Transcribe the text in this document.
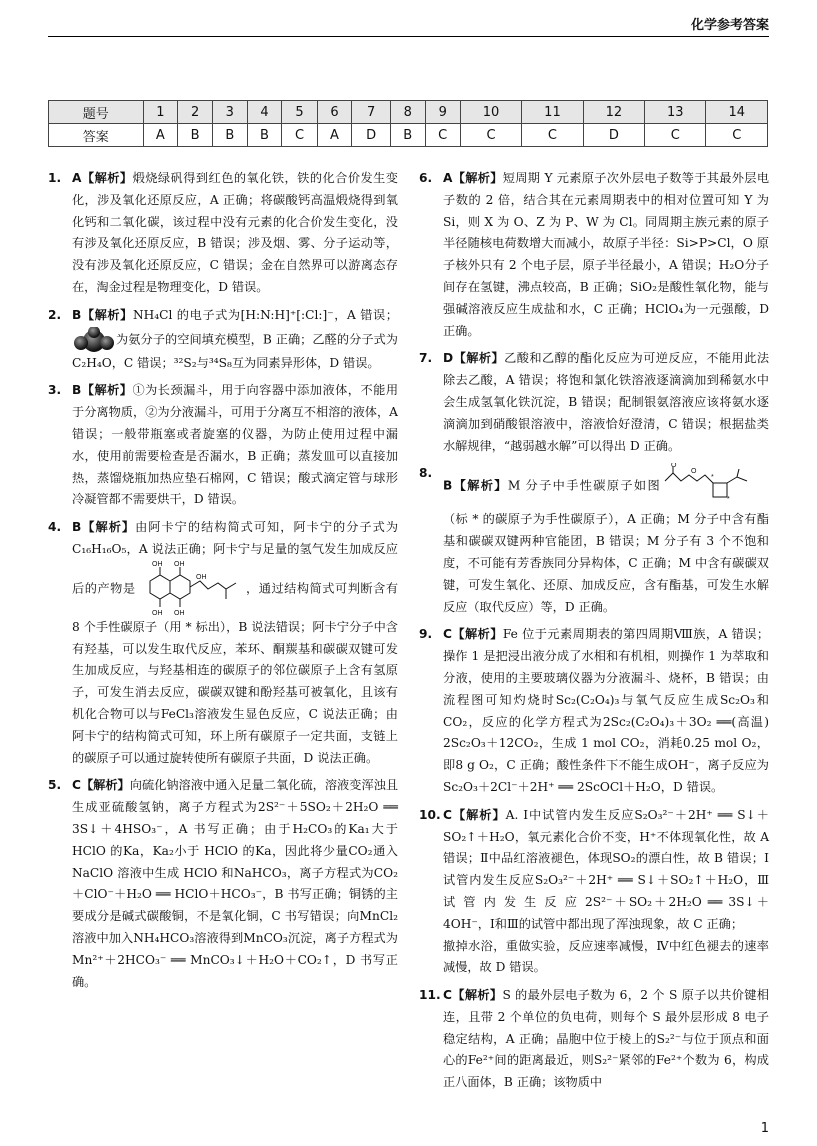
化学参考答案
题号	1	2	3	4	5	6	7	8	9	10	11	12	13	14
答案	A	B	B	B	C	A	D	B	C	C	C	D	C	C
1. A【解析】煅烧绿矾得到红色的氧化铁，铁的化合价发生变化，涉及氧化还原反应，A 正确；将碳酸钙高温煅烧得到氧化钙和二氧化碳，该过程中没有元素的化合价发生变化，没有涉及氧化还原反应，B 错误；涉及烟、雾、分子运动等，没有涉及氧化还原反应，C 错误；金在自然界可以游离态存在，淘金过程是物理变化，D 错误。
2. B【解析】NH₄Cl 的电子式为[H:N:H]⁺[:Cl:]⁻，A 错误；为氨分子的空间填充模型，B 正确；乙醛的分子式为C₂H₄O，C 错误；³²S₂与³⁴S₈互为同素异形体，D 错误。
3. B【解析】①为长颈漏斗，用于向容器中添加液体，不能用于分离物质，②为分液漏斗，可用于分离互不相溶的液体，A 错误；一般带瓶塞或者旋塞的仪器，为防止使用过程中漏水，使用前需要检查是否漏水，B 正确；蒸发皿可以直接加热，蒸馏烧瓶加热应垫石棉网，C 错误；酸式滴定管与球形冷凝管都不需要烘干，D 错误。
4. B【解析】由阿卡宁的结构简式可知，阿卡宁的分子式为C₁₆H₁₆O₅，A 说法正确；阿卡宁与足量的氢气发生加成反应后的产物是
OH OH
OH OH
OH
，通过结构简式可判断含有 8 个手性碳原子（用 * 标出），B 说法错误；阿卡宁分子中含有羟基，可以发生取代反应，苯环、酮羰基和碳碳双键可发生加成反应，与羟基相连的碳原子的邻位碳原子上含有氢原子，可发生消去反应，碳碳双键和酚羟基可被氧化，且该有机化合物可以与FeCl₃溶液发生显色反应，C 说法正确；由阿卡宁的结构简式可知，环上所有碳原子一定共面，支链上的碳原子可以通过旋转使所有碳原子共面，D 说法正确。
5. C【解析】向硫化钠溶液中通入足量二氧化硫，溶液变浑浊且生成亚硫酸氢钠，离子方程式为2S²⁻＋5SO₂＋2H₂O ══ 3S↓＋4HSO₃⁻，A 书写正确；由于H₂CO₃的Ka₁大于 HClO 的Ka，Ka₂小于 HClO 的Ka，因此将少量CO₂通入 NaClO 溶液中生成 HClO 和NaHCO₃，离子方程式为CO₂＋ClO⁻＋H₂O ══ HClO＋HCO₃⁻，B 书写正确；铜锈的主要成分是碱式碳酸铜，不是氧化铜，C 书写错误；向MnCl₂溶液中加入NH₄HCO₃溶液得到MnCO₃沉淀，离子方程式为Mn²⁺＋2HCO₃⁻ ══ MnCO₃↓＋H₂O＋CO₂↑，D 书写正确。
6. A【解析】短周期 Y 元素原子次外层电子数等于其最外层电子数的 2 倍，结合其在元素周期表中的相对位置可知 Y 为 Si，则 X 为 O、Z 为 P、W 为 Cl。同周期主族元素的原子半径随核电荷数增大而减小，故原子半径：Si>P>Cl，O 原子核外只有 2 个电子层，原子半径最小，A 错误；H₂O分子间存在氢键，沸点较高，B 正确；SiO₂是酸性氧化物，能与强碱溶液反应生成盐和水，C 正确；HClO₄为一元强酸，D 正确。
7. D【解析】乙酸和乙醇的酯化反应为可逆反应，不能用此法除去乙酸，A 错误；将饱和氯化铁溶液逐滴滴加到稀氨水中会生成氢氧化铁沉淀，B 错误；配制银氨溶液应该将氨水逐滴滴加到硝酸银溶液中，溶液恰好澄清，C 错误；根据盐类水解规律，“越弱越水解”可以得出 D 正确。
8.
B【解析】M 分子中手性碳原子如图
O
O
*
*
（标 * 的碳原子为手性碳原子），A 正确；M 分子中含有酯基和碳碳双键两种官能团，B 错误；M 分子有 3 个不饱和度，不可能有芳香族同分异构体，C 正确；M 中含有碳碳双键，可发生氧化、还原、加成反应，含有酯基，可发生水解反应（取代反应）等，D 正确。
9. C【解析】Fe 位于元素周期表的第四周期Ⅷ族，A 错误；操作 1 是把浸出液分成了水相和有机相，则操作 1 为萃取和分液，使用的主要玻璃仪器为分液漏斗、烧杯，B 错误；由流程图可知灼烧时Sc₂(C₂O₄)₃与氧气反应生成Sc₂O₃和CO₂，反应的化学方程式为2Sc₂(C₂O₄)₃＋3O₂ ══(高温) 2Sc₂O₃＋12CO₂，生成 1 mol CO₂，消耗0.25 mol O₂，即8 g O₂，C 正确；酸性条件下不能生成OH⁻，离子反应为Sc₂O₃＋2Cl⁻＋2H⁺ ══ 2ScOCl＋H₂O，D 错误。
10. C【解析】A. Ⅰ中试管内发生反应S₂O₃²⁻＋2H⁺ ══ S↓＋SO₂↑＋H₂O，氧元素化合价不变，H⁺不体现氧化性，故 A 错误；Ⅱ中品红溶液褪色，体现SO₂的漂白性，故 B 错误；Ⅰ试管内发生反应S₂O₃²⁻＋2H⁺ ══ S↓＋SO₂↑＋H₂O，Ⅲ 试 管 内 发 生 反 应 2S²⁻＋SO₂＋2H₂O ══ 3S↓＋4OH⁻，Ⅰ和Ⅲ的试管中都出现了浑浊现象，故 C 正确；
撤掉水浴，重做实验，反应速率减慢，Ⅳ中红色褪去的速率减慢，故 D 错误。
11. C【解析】S 的最外层电子数为 6，2 个 S 原子以共价键相连，且带 2 个单位的负电荷，则每个 S 最外层形成 8 电子稳定结构，A 正确；晶胞中位于棱上的S₂²⁻与位于顶点和面心的Fe²⁺间的距离最近，则S₂²⁻紧邻的Fe²⁺个数为 6，构成正八面体，B 正确；该物质中
1
